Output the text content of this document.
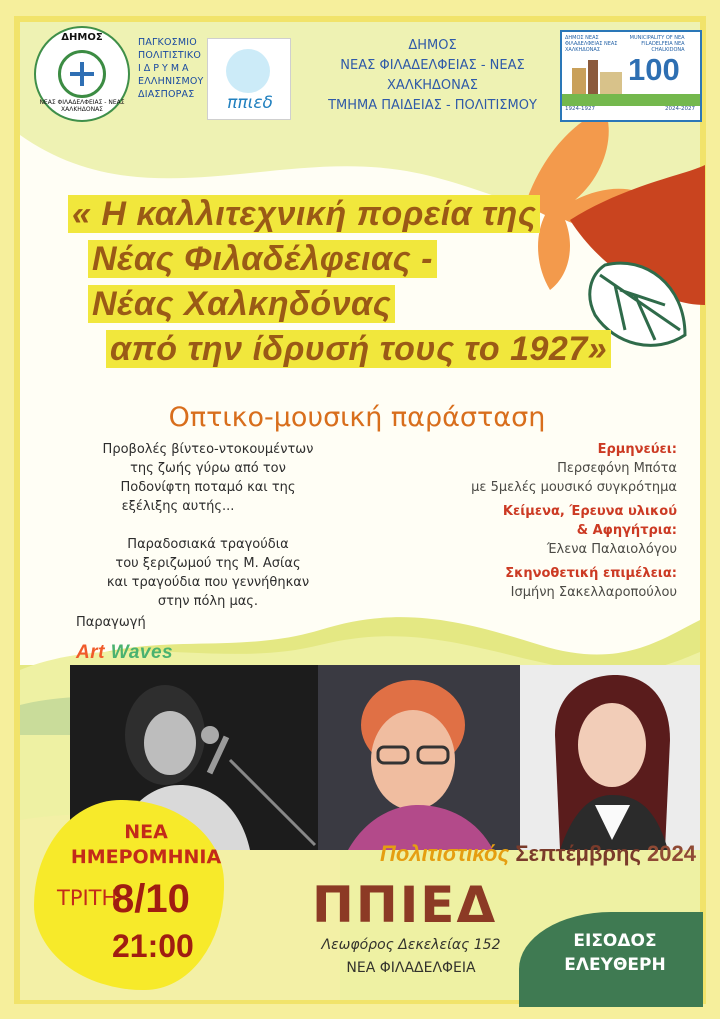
ΔΗΜΟΣ
ΝΕΑΣ ΦΙΛΑΔΕΛΦΕΙΑΣ - ΝΕΑΣ ΧΑΛΚΗΔΟΝΑΣ
ΠΑΓΚΟΣΜΙΟ
ΠΟΛΙΤΙΣΤΙΚΟ
ΙΔΡΥΜΑ
ΕΛΛΗΝΙΣΜΟΥ
ΔΙΑΣΠΟΡΑΣ	ππιεδ
ΔΗΜΟΣ
ΝΕΑΣ ΦΙΛΑΔΕΛΦΕΙΑΣ - ΝΕΑΣ ΧΑΛΚΗΔΟΝΑΣ
ΤΜΗΜΑ ΠΑΙΔΕΙΑΣ - ΠΟΛΙΤΙΣΜΟΥ
ΔΗΜΟΣ ΝΕΑΣ ΦΙΛΑΔΕΛΦΕΙΑΣ ΝΕΑΣ ΧΑΛΚΗΔΟΝΑΣ MUNICIPALITY OF NEA FILADELFEIA NEA CHALKIDONA
100
1924-1927	2024-2027
« Η καλλιτεχνική πορεία της
Νέας Φιλαδέλφειας -
Νέας Χαλκηδόνας
από την ίδρυσή τους το 1927»
Οπτικο-μουσική παράσταση
Προβολές βίντεο-ντοκουμέντων
της ζωής γύρω από τον
Ποδονίφτη ποταμό και της
εξέλιξης αυτής...
Παραδοσιακά τραγούδια
του ξεριζωμού της Μ. Ασίας
και τραγούδια που γεννήθηκαν
στην πόλη μας.
Παραγωγή
Art Waves
Ερμηνεύει:
Περσεφόνη Μπότα
με 5μελές μουσικό συγκρότημα
Κείμενα, Έρευνα υλικού
& Αφηγήτρια:
Έλενα Παλαιολόγου
Σκηνοθετική επιμέλεια:
Ισμήνη Σακελλαροπούλου
ΝΕΑ
ΗΜΕΡΟΜΗΝΙΑ
ΤΡΙΤΗ
8/10
21:00
Πολιτιστικός Σεπτέμβρης 2024
ΠΠΙΕΔ
Λεωφόρος Δεκελείας 152
ΝΕΑ ΦΙΛΑΔΕΛΦΕΙΑ
ΕΙΣΟΔΟΣ
ΕΛΕΥΘΕΡΗ
